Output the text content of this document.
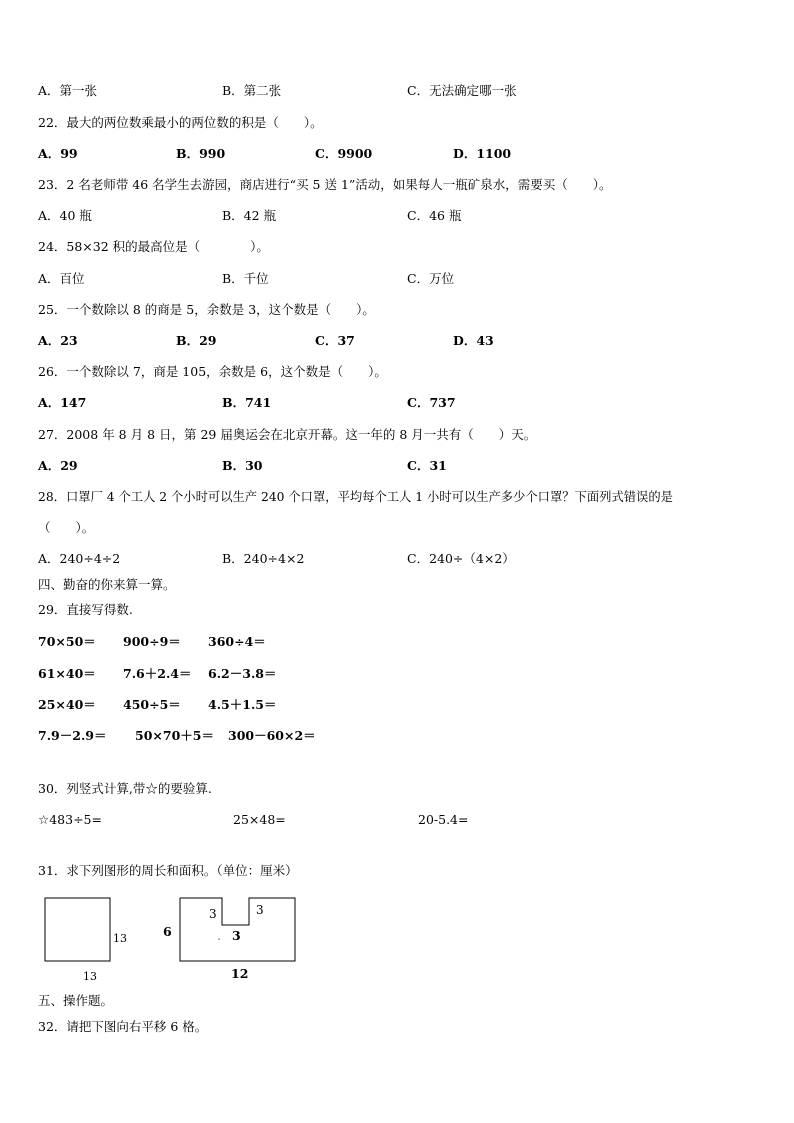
A．第一张	B．第二张	C．无法确定哪一张
22．最大的两位数乘最小的两位数的积是（　　）。
A．99	B．990	C．9900	D．1100
23．2 名老师带 46 名学生去游园，商店进行“买 5 送 1”活动，如果每人一瓶矿泉水，需要买（　　）。
A．40 瓶	B．42 瓶	C．46 瓶
24．58×32 积的最高位是（　　　　）。
A．百位	B．千位	C．万位
25．一个数除以 8 的商是 5，余数是 3，这个数是（　　）。
A．23	B．29	C．37	D．43
26．一个数除以 7，商是 105，余数是 6，这个数是（　　）。
A．147	B．741	C．737
27．2008 年 8 月 8 日，第 29 届奥运会在北京开幕。这一年的 8 月一共有（　　）天。
A．29	B．30	C．31
28．口罩厂 4 个工人 2 个小时可以生产 240 个口罩，平均每个工人 1 小时可以生产多少个口罩？下面列式错误的是
（　　）。
A．240÷4÷2	B．240÷4×2	C．240÷（4×2）
四、勤奋的你来算一算。
29．直接写得数.
70×50＝ 900÷9＝ 360÷4＝
61×40＝ 7.6＋2.4＝ 6.2－3.8＝
25×40＝ 450÷5＝ 4.5＋1.5＝
7.9－2.9＝ 50×70＋5＝ 300－60×2＝
30．列竖式计算,带☆的要验算.
☆483÷5=	25×48=	20-5.4=
31．求下列图形的周长和面积。（单位：厘米）
13
13
3	3
6	3
12
五、操作题。
32．请把下图向右平移 6 格。
